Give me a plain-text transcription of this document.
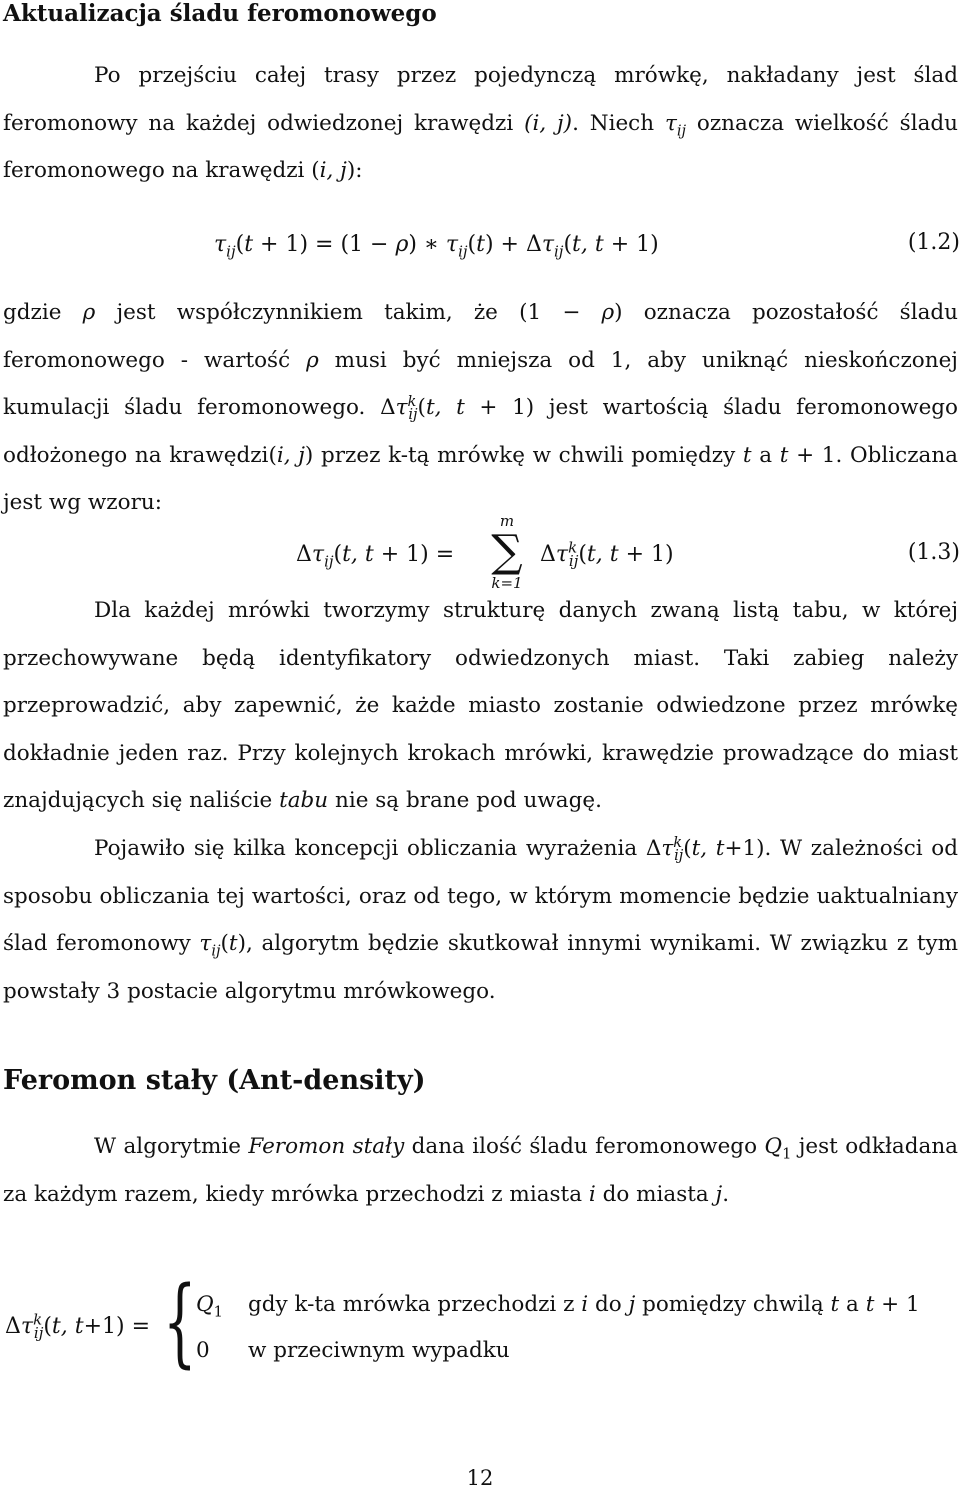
Aktualizacja śladu feromonowego

Po przejściu całej trasy przez pojedynczą mrówkę, nakładany jest ślad feromonowy na każdej odwiedzonej krawędzi (i, j). Niech $\tau_{ij}$ oznacza wielkość śladu feromonowego na krawędzi (i, j):

$\tau_{ij}(t + 1) = (1 - \rho)$ ∗ $\tau_{ij}(t) + \Delta\tau_{ij}(t$, t + 1)	(1.2)

gdzie ρ jest współczynnikiem takim, że (1 − ρ) oznacza pozostałość śladu feromonowego - wartość ρ musi być mniejsza od 1, aby uniknąć nieskończonej kumulacji śladu feromonowego. $\Delta\tau^k_{ij}(t$, t + 1) jest wartością śladu feromonowego odłożonego na krawędzi(i, j) przez k-tą mrówkę w chwili pomiędzy t a t + 1. Obliczana jest wg wzoru:

$\Delta\tau_{ij}(t$, t + 1) =
m
∑
k=1
$\Delta\tau^k_{ij}(t$, t + 1)	(1.3)

Dla każdej mrówki tworzymy strukturę danych zwaną listą tabu, w której przechowywane będą identyfikatory odwiedzonych miast. Taki zabieg należy przeprowadzić, aby zapewnić, że każde miasto zostanie odwiedzone przez mrówkę dokładnie jeden raz. Przy kolejnych krokach mrówki, krawędzie prowadzące do miast znajdujących się naliście tabu nie są brane pod uwagę.

Pojawiło się kilka koncepcji obliczania wyrażenia $\Delta\tau^k_{ij}(t$, t+1). W zależności od sposobu obliczania tej wartości, oraz od tego, w którym momencie będzie uaktualniany ślad feromonowy $\tau_{ij}(t)$, algorytm będzie skutkował innymi wynikami. W związku z tym powstały 3 postacie algorytmu mrówkowego.

Feromon stały (Ant-density)

W algorytmie Feromon stały dana ilość śladu feromonowego $Q_1$ jest odkładana za każdym razem, kiedy mrówka przechodzi z miasta i do miasta j.

$\Delta\tau^k_{ij}(t$, t+1) = { $Q_1$ gdy k-ta mrówka przechodzi z i do j pomiędzy chwilą t a t + 1
0 w przeciwnym wypadku
12
